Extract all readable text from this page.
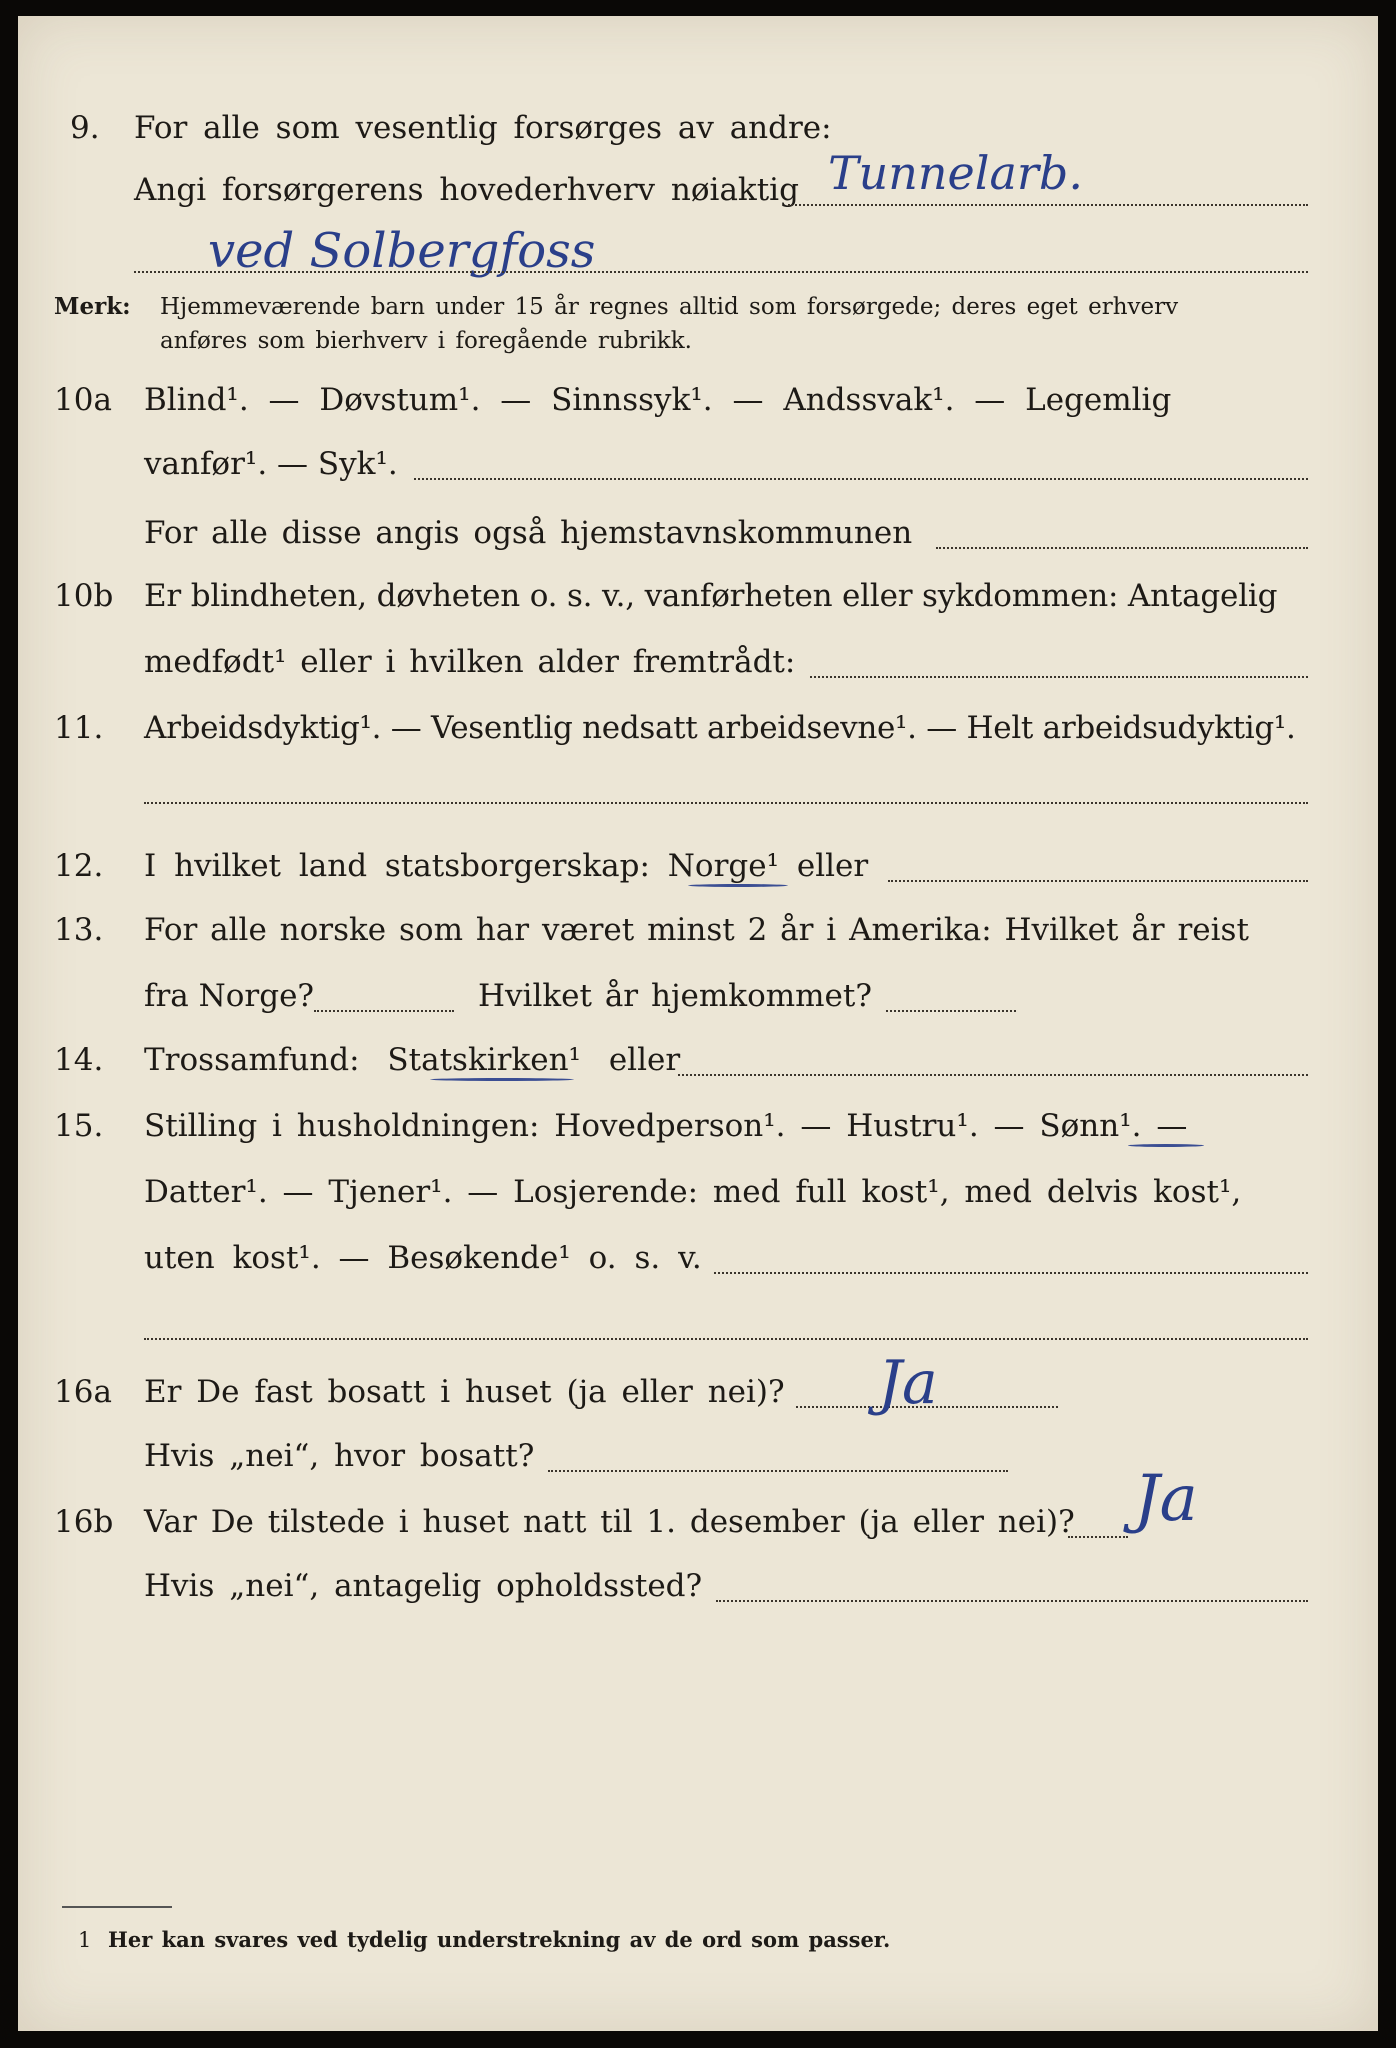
9. For alle som vesentlig forsørges av andre:
Angi forsørgerens hovederhverv nøiaktig Tunnelarb.
ved Solbergfoss
Merk: Hjemmeværende barn under 15 år regnes alltid som forsørgede; deres eget erhverv
anføres som bierhverv i foregående rubrikk.
10a Blind¹. — Døvstum¹. — Sinnssyk¹. — Andssvak¹. — Legemlig
vanfør¹. — Syk¹.
For alle disse angis også hjemstavnskommunen
10b Er blindheten, døvheten o. s. v., vanførheten eller sykdommen: Antagelig
medfødt¹ eller i hvilken alder fremtrådt:
11. Arbeidsdyktig¹. — Vesentlig nedsatt arbeidsevne¹. — Helt arbeidsudyktig¹.
12. I hvilket land statsborgerskap: Norge¹ eller
13. For alle norske som har været minst 2 år i Amerika: Hvilket år reist
fra Norge?	Hvilket år hjemkommet?
14. Trossamfund: Statskirken¹ eller
15. Stilling i husholdningen: Hovedperson¹. — Hustru¹. — Sønn¹. —
Datter¹. — Tjener¹. — Losjerende: med full kost¹, med delvis kost¹,
uten kost¹. — Besøkende¹ o. s. v.
16a Er De fast bosatt i huset (ja eller nei)? Ja
Hvis „nei“, hvor bosatt?
16b Var De tilstede i huset natt til 1. desember (ja eller nei)? Ja
Hvis „nei“, antagelig opholdssted?
1 Her kan svares ved tydelig understrekning av de ord som passer.
